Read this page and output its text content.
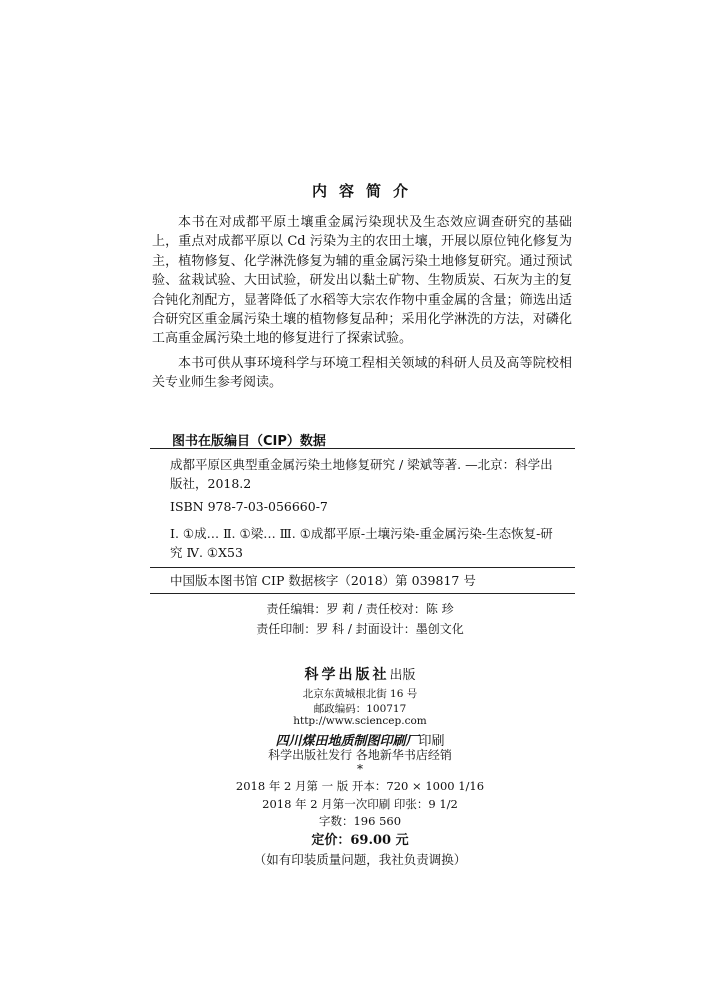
内容简介

本书在对成都平原土壤重金属污染现状及生态效应调查研究的基础上，重点对成都平原以 Cd 污染为主的农田土壤，开展以原位钝化修复为主，植物修复、化学淋洗修复为辅的重金属污染土地修复研究。通过预试验、盆栽试验、大田试验，研发出以黏土矿物、生物质炭、石灰为主的复合钝化剂配方，显著降低了水稻等大宗农作物中重金属的含量；筛选出适合研究区重金属污染土壤的植物修复品种；采用化学淋洗的方法，对磷化工高重金属污染土地的修复进行了探索试验。

本书可供从事环境科学与环境工程相关领域的科研人员及高等院校相关专业师生参考阅读。

图书在版编目（CIP）数据
成都平原区典型重金属污染土地修复研究 / 梁斌等著. —北京：科学出版社，2018.2
ISBN 978-7-03-056660-7
Ⅰ. ①成… Ⅱ. ①梁… Ⅲ. ①成都平原-土壤污染-重金属污染-生态恢复-研究 Ⅳ. ①X53
中国版本图书馆 CIP 数据核字（2018）第 039817 号
责任编辑：罗 莉 / 责任校对：陈 珍
责任印制：罗 科 / 封面设计：墨创文化
科学出版社出版
北京东黄城根北街 16 号
邮政编码：100717
http://www.sciencep.com
四川煤田地质制图印刷厂印刷
科学出版社发行 各地新华书店经销
*
2018 年 2 月第 一 版 开本：720 × 1000 1/16
2018 年 2 月第一次印刷 印张：9 1/2
字数：196 560
定价：69.00 元
（如有印装质量问题，我社负责调换）
